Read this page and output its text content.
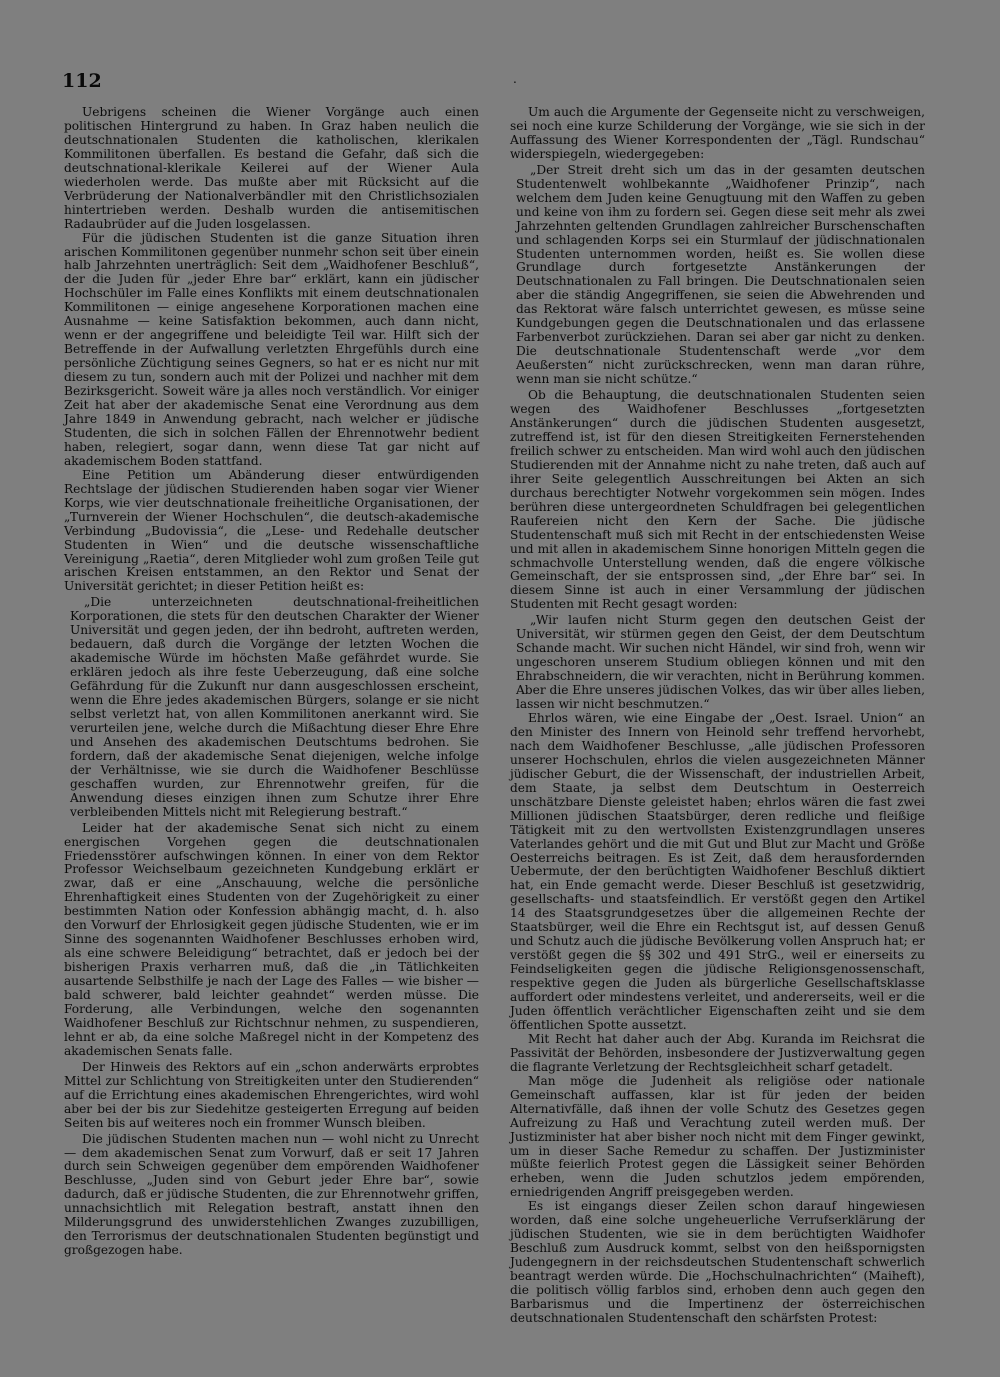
112	.

Uebrigens scheinen die Wiener Vorgänge auch einen politischen Hintergrund zu haben. In Graz haben neulich die deutschnationalen Studenten die katholischen, klerikalen Kommilitonen überfallen. Es bestand die Gefahr, daß sich die deutschnational-klerikale Keilerei auf der Wiener Aula wiederholen werde. Das mußte aber mit Rücksicht auf die Verbrüderung der Nationalverbändler mit den Christlichsozialen hintertrieben werden. Deshalb wurden die antisemitischen Radaubrüder auf die Juden losgelassen.

Für die jüdischen Studenten ist die ganze Situation ihren arischen Kommilitonen gegenüber nunmehr schon seit über einein halb Jahrzehnten unerträglich: Seit dem „Waidhofener Beschluß“, der die Juden für „jeder Ehre bar“ erklärt, kann ein jüdischer Hochschüler im Falle eines Konflikts mit einem deutschnationalen Kommilitonen — einige angesehene Korporationen machen eine Ausnahme — keine Satisfaktion bekommen, auch dann nicht, wenn er der angegriffene und beleidigte Teil war. Hilft sich der Betreffende in der Aufwallung verletzten Ehrgefühls durch eine persönliche Züchtigung seines Gegners, so hat er es nicht nur mit diesem zu tun, sondern auch mit der Polizei und nachher mit dem Bezirksgericht. Soweit wäre ja alles noch verständlich. Vor einiger Zeit hat aber der akademische Senat eine Verordnung aus dem Jahre 1849 in Anwendung gebracht, nach welcher er jüdische Studenten, die sich in solchen Fällen der Ehrennotwehr bedient haben, relegiert, sogar dann, wenn diese Tat gar nicht auf akademischem Boden stattfand.

Eine Petition um Abänderung dieser entwürdigenden Rechtslage der jüdischen Studierenden haben sogar vier Wiener Korps, wie vier deutschnationale freiheitliche Organisationen, der „Turnverein der Wiener Hochschulen“, die deutsch-akademische Verbindung „Budovissia“, die „Lese- und Redehalle deutscher Studenten in Wien“ und die deutsche wissenschaftliche Vereinigung „Raetia“, deren Mitglieder wohl zum großen Teile gut arischen Kreisen entstammen, an den Rektor und Senat der Universität gerichtet; in dieser Petition heißt es:

„Die unterzeichneten deutschnational-freiheitlichen Korporationen, die stets für den deutschen Charakter der Wiener Universität und gegen jeden, der ihn bedroht, auftreten werden, bedauern, daß durch die Vorgänge der letzten Wochen die akademische Würde im höchsten Maße gefährdet wurde. Sie erklären jedoch als ihre feste Ueberzeugung, daß eine solche Gefährdung für die Zukunft nur dann ausgeschlossen erscheint, wenn die Ehre jedes akademischen Bürgers, solange er sie nicht selbst verletzt hat, von allen Kommilitonen anerkannt wird. Sie verurteilen jene, welche durch die Mißachtung dieser Ehre Ehre und Ansehen des akademischen Deutschtums bedrohen. Sie fordern, daß der akademische Senat diejenigen, welche infolge der Verhältnisse, wie sie durch die Waidhofener Beschlüsse geschaffen wurden, zur Ehrennotwehr greifen, für die Anwendung dieses einzigen ihnen zum Schutze ihrer Ehre verbleibenden Mittels nicht mit Relegierung bestraft.“

Leider hat der akademische Senat sich nicht zu einem energischen Vorgehen gegen die deutschnationalen Friedensstörer aufschwingen können. In einer von dem Rektor Professor Weichselbaum gezeichneten Kundgebung erklärt er zwar, daß er eine „Anschauung, welche die persönliche Ehrenhaftigkeit eines Studenten von der Zugehörigkeit zu einer bestimmten Nation oder Konfession abhängig macht, d. h. also den Vorwurf der Ehrlosigkeit gegen jüdische Studenten, wie er im Sinne des sogenannten Waidhofener Beschlusses erhoben wird, als eine schwere Beleidigung“ betrachtet, daß er jedoch bei der bisherigen Praxis verharren muß, daß die „in Tätlichkeiten ausartende Selbsthilfe je nach der Lage des Falles — wie bisher — bald schwerer, bald leichter geahndet“ werden müsse. Die Forderung, alle Verbindungen, welche den sogenannten Waidhofener Beschluß zur Richtschnur nehmen, zu suspendieren, lehnt er ab, da eine solche Maßregel nicht in der Kompetenz des akademischen Senats falle.

Der Hinweis des Rektors auf ein „schon anderwärts erprobtes Mittel zur Schlichtung von Streitigkeiten unter den Studierenden“ auf die Errichtung eines akademischen Ehrengerichtes, wird wohl aber bei der bis zur Siedehitze gesteigerten Erregung auf beiden Seiten bis auf weiteres noch ein frommer Wunsch bleiben.

Die jüdischen Studenten machen nun — wohl nicht zu Unrecht — dem akademischen Senat zum Vorwurf, daß er seit 17 Jahren durch sein Schweigen gegenüber dem empörenden Waidhofener Beschlusse, „Juden sind von Geburt jeder Ehre bar“, sowie dadurch, daß er jüdische Studenten, die zur Ehrennotwehr griffen, unnachsichtlich mit Relegation bestraft, anstatt ihnen den Milderungsgrund des unwiderstehlichen Zwanges zuzubilligen, den Terrorismus der deutschnationalen Studenten begünstigt und großgezogen habe.

Um auch die Argumente der Gegenseite nicht zu verschweigen, sei noch eine kurze Schilderung der Vorgänge, wie sie sich in der Auffassung des Wiener Korrespondenten der „Tägl. Rundschau“ widerspiegeln, wiedergegeben:

„Der Streit dreht sich um das in der gesamten deutschen Studentenwelt wohlbekannte „Waidhofener Prinzip“, nach welchem dem Juden keine Genugtuung mit den Waffen zu geben und keine von ihm zu fordern sei. Gegen diese seit mehr als zwei Jahrzehnten geltenden Grundlagen zahlreicher Burschenschaften und schlagenden Korps sei ein Sturmlauf der jüdischnationalen Studenten unternommen worden, heißt es. Sie wollen diese Grundlage durch fortgesetzte Anstänkerungen der Deutschnationalen zu Fall bringen. Die Deutschnationalen seien aber die ständig Angegriffenen, sie seien die Abwehrenden und das Rektorat wäre falsch unterrichtet gewesen, es müsse seine Kundgebungen gegen die Deutschnationalen und das erlassene Farbenverbot zurückziehen. Daran sei aber gar nicht zu denken. Die deutschnationale Studentenschaft werde „vor dem Aeußersten“ nicht zurückschrecken, wenn man daran rühre, wenn man sie nicht schütze.“

Ob die Behauptung, die deutschnationalen Studenten seien wegen des Waidhofener Beschlusses „fortgesetzten Anstänkerungen“ durch die jüdischen Studenten ausgesetzt, zutreffend ist, ist für den diesen Streitigkeiten Fernerstehenden freilich schwer zu entscheiden. Man wird wohl auch den jüdischen Studierenden mit der Annahme nicht zu nahe treten, daß auch auf ihrer Seite gelegentlich Ausschreitungen bei Akten an sich durchaus berechtigter Notwehr vorgekommen sein mögen. Indes berühren diese untergeordneten Schuldfragen bei gelegentlichen Raufereien nicht den Kern der Sache. Die jüdische Studentenschaft muß sich mit Recht in der entschiedensten Weise und mit allen in akademischem Sinne honorigen Mitteln gegen die schmachvolle Unterstellung wenden, daß die engere völkische Gemeinschaft, der sie entsprossen sind, „der Ehre bar“ sei. In diesem Sinne ist auch in einer Versammlung der jüdischen Studenten mit Recht gesagt worden:

„Wir laufen nicht Sturm gegen den deutschen Geist der Universität, wir stürmen gegen den Geist, der dem Deutschtum Schande macht. Wir suchen nicht Händel, wir sind froh, wenn wir ungeschoren unserem Studium obliegen können und mit den Ehrabschneidern, die wir verachten, nicht in Berührung kommen. Aber die Ehre unseres jüdischen Volkes, das wir über alles lieben, lassen wir nicht beschmutzen.“

Ehrlos wären, wie eine Eingabe der „Oest. Israel. Union“ an den Minister des Innern von Heinold sehr treffend hervorhebt, nach dem Waidhofener Beschlusse, „alle jüdischen Professoren unserer Hochschulen, ehrlos die vielen ausgezeichneten Männer jüdischer Geburt, die der Wissenschaft, der industriellen Arbeit, dem Staate, ja selbst dem Deutschtum in Oesterreich unschätzbare Dienste geleistet haben; ehrlos wären die fast zwei Millionen jüdischen Staatsbürger, deren redliche und fleißige Tätigkeit mit zu den wertvollsten Existenzgrundlagen unseres Vaterlandes gehört und die mit Gut und Blut zur Macht und Größe Oesterreichs beitragen. Es ist Zeit, daß dem herausfordernden Uebermute, der den berüchtigten Waidhofener Beschluß diktiert hat, ein Ende gemacht werde. Dieser Beschluß ist gesetzwidrig, gesellschafts- und staatsfeindlich. Er verstößt gegen den Artikel 14 des Staatsgrundgesetzes über die allgemeinen Rechte der Staatsbürger, weil die Ehre ein Rechtsgut ist, auf dessen Genuß und Schutz auch die jüdische Bevölkerung vollen Anspruch hat; er verstößt gegen die §§ 302 und 491 StrG., weil er einerseits zu Feindseligkeiten gegen die jüdische Religionsgenossenschaft, respektive gegen die Juden als bürgerliche Gesellschaftsklasse auffordert oder mindestens verleitet, und andererseits, weil er die Juden öffentlich verächtlicher Eigenschaften zeiht und sie dem öffentlichen Spotte aussetzt.

Mit Recht hat daher auch der Abg. Kuranda im Reichsrat die Passivität der Behörden, insbesondere der Justizverwaltung gegen die flagrante Verletzung der Rechtsgleichheit scharf getadelt.

Man möge die Judenheit als religiöse oder nationale Gemeinschaft auffassen, klar ist für jeden der beiden Alternativfälle, daß ihnen der volle Schutz des Gesetzes gegen Aufreizung zu Haß und Verachtung zuteil werden muß. Der Justizminister hat aber bisher noch nicht mit dem Finger gewinkt, um in dieser Sache Remedur zu schaffen. Der Justizminister müßte feierlich Protest gegen die Lässigkeit seiner Behörden erheben, wenn die Juden schutzlos jedem empörenden, erniedrigenden Angriff preisgegeben werden.

Es ist eingangs dieser Zeilen schon darauf hingewiesen worden, daß eine solche ungeheuerliche Verrufserklärung der jüdischen Studenten, wie sie in dem berüchtigten Waidhofer Beschluß zum Ausdruck kommt, selbst von den heißspornigsten Judengegnern in der reichsdeutschen Studentenschaft schwerlich beantragt werden würde. Die „Hochschulnachrichten“ (Maiheft), die politisch völlig farblos sind, erhoben denn auch gegen den Barbarismus und die Impertinenz der österreichischen deutschnationalen Studentenschaft den schärfsten Protest:
